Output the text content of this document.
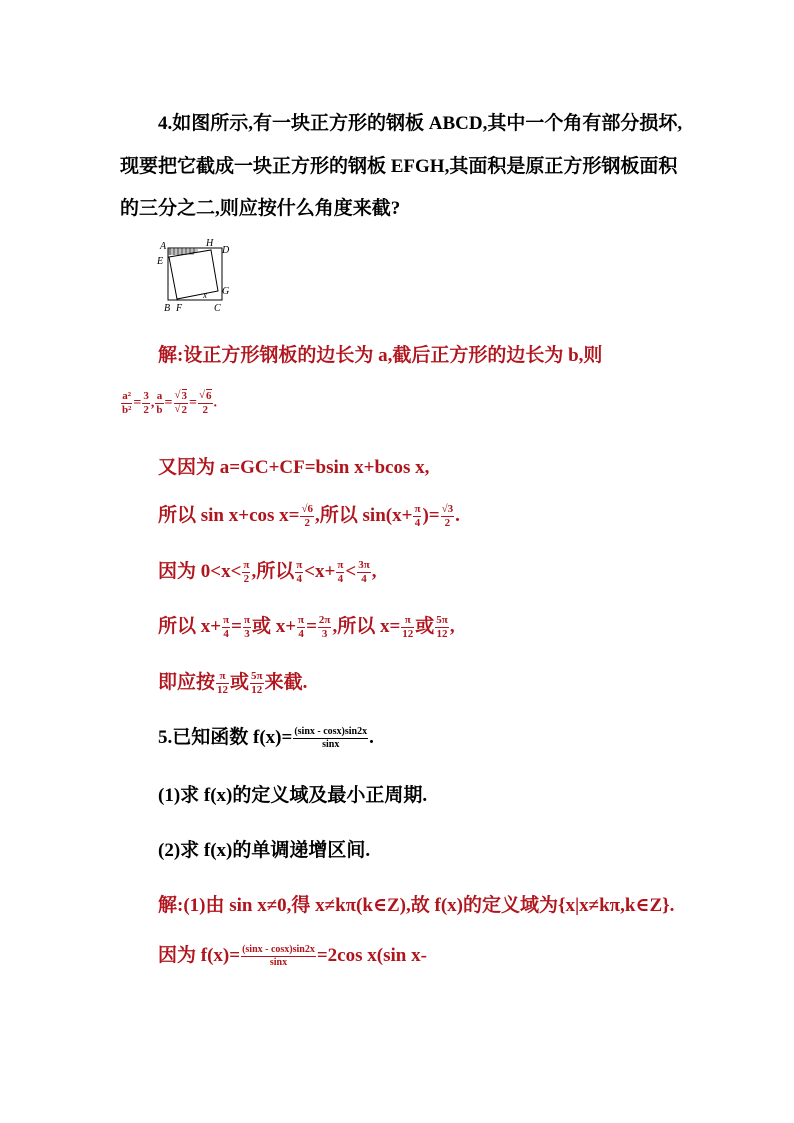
4.如图所示,有一块正方形的钢板 ABCD,其中一个角有部分损坏,
现要把它截成一块正方形的钢板 EFGH,其面积是原正方形钢板面积
的三分之二,则应按什么角度来截?
A	H
D
E
G
B F	C
x
解:设正方形钢板的边长为 a,截后正方形的边长为 b,则
$\frac{\text{a²}}{\text{b²}} = \frac{3}{2}$ , $\frac{a}{b}$ = √ 3
√ 2 = √ $\frac{6}{2}$ .
又因为 a=GC+CF=bsin x+bcos x,
所以 sin x+cos $x= \frac{√6}{2}$ ,所以 $\sin(x+ \frac{\pi}{4}$ )= $\frac{√3}{2}$ .
因为 $0<x< \frac{\pi}{2}$ ,所以 $\frac{\pi}{4} <x+ \frac{\pi}{4} < \frac{3\pi}{4}$ ,
所以 $x+ \frac{\pi}{4} = \frac{\pi}{3}$ 或 $x+ \frac{\pi}{4} = \frac{2\pi}{3}$ ,所以 $x= \frac{\pi}{12}$ 或 $\frac{5\pi}{12}$ ,
即应按 $\frac{\pi}{12}$ 或 $\frac{5\pi}{12}$ 来截.
5.已知函数 $f(x)= \frac{(\sin x - \cos x)\sin 2x}{\sin x}$ .
(1)求 f(x)的定义域及最小正周期.
(2)求 f(x)的单调递增区间.
解:(1)由 sin x≠0,得 x≠kπ(k∈Z),故 f(x)的定义域为{x|x≠kπ,k∈Z}.
因为 $f(x)= \frac{(\sin x - \cos x)\sin 2x}{\sin x} =2\cos$ x(sin x-
